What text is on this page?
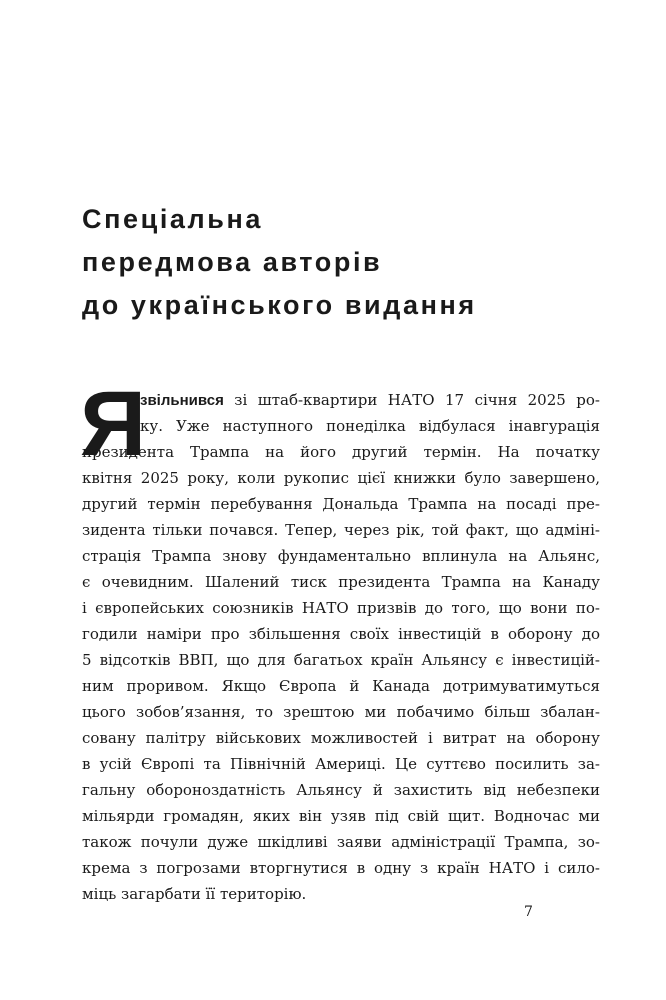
Спеціальна
передмова авторів
до українського видання
Я
звільнився зі штаб-квартири НАТО 17 січня 2025 ро-
ку. Уже наступного понеділка відбулася інавгурація
президента Трампа на його другий термін. На початку
квітня 2025 року, коли рукопис цієї книжки було завершено,
другий термін перебування Дональда Трампа на посаді пре-
зидента тільки почався. Тепер, через рік, той факт, що адміні-
страція Трампа знову фундаментально вплинула на Альянс,
є очевидним. Шалений тиск президента Трампа на Канаду
і європейських союзників НАТО призвів до того, що вони по-
годили наміри про збільшення своїх інвестицій в оборону до
5 відсотків ВВП, що для багатьох країн Альянсу є інвестицій-
ним проривом. Якщо Європа й Канада дотримуватимуться
цього зобов’язання, то зрештою ми побачимо більш збалан-
совану палітру військових можливостей і витрат на оборону
в усій Європі та Північній Америці. Це суттєво посилить за-
гальну обороноздатність Альянсу й захистить від небезпеки
мільярди громадян, яких він узяв під свій щит. Водночас ми
також почули дуже шкідливі заяви адміністрації Трампа, зо-
крема з погрозами вторгнутися в одну з країн НАТО і сило-
міць загарбати її територію.
7
